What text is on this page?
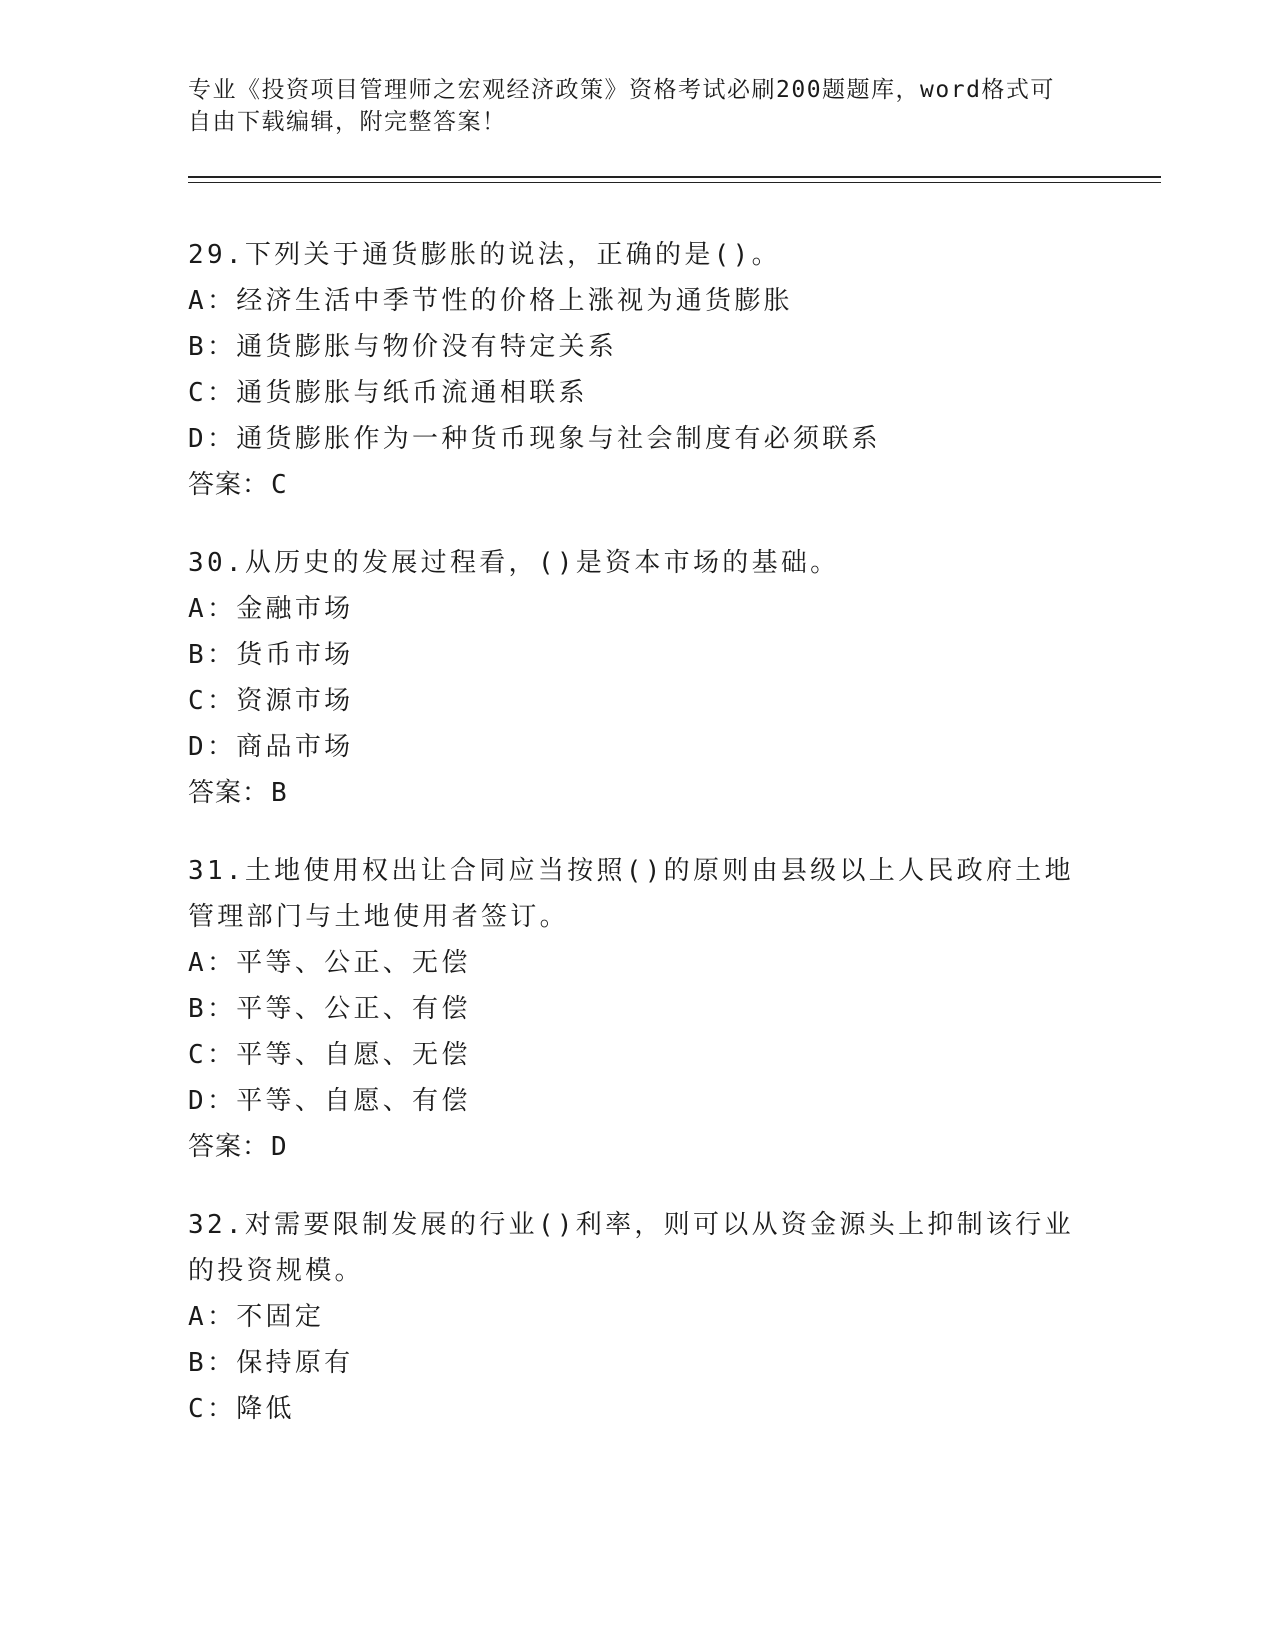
专业《投资项目管理师之宏观经济政策》资格考试必刷200题题库，word格式可
自由下载编辑，附完整答案！
29.下列关于通货膨胀的说法，正确的是()。
A：经济生活中季节性的价格上涨视为通货膨胀
B：通货膨胀与物价没有特定关系
C：通货膨胀与纸币流通相联系
D：通货膨胀作为一种货币现象与社会制度有必须联系
答案：C
30.从历史的发展过程看，()是资本市场的基础。
A：金融市场
B：货币市场
C：资源市场
D：商品市场
答案：B
31.土地使用权出让合同应当按照()的原则由县级以上人民政府土地管理部门与土地使用者签订。
A：平等、公正、无偿
B：平等、公正、有偿
C：平等、自愿、无偿
D：平等、自愿、有偿
答案：D
32.对需要限制发展的行业()利率，则可以从资金源头上抑制该行业的投资规模。
A：不固定
B：保持原有
C：降低
